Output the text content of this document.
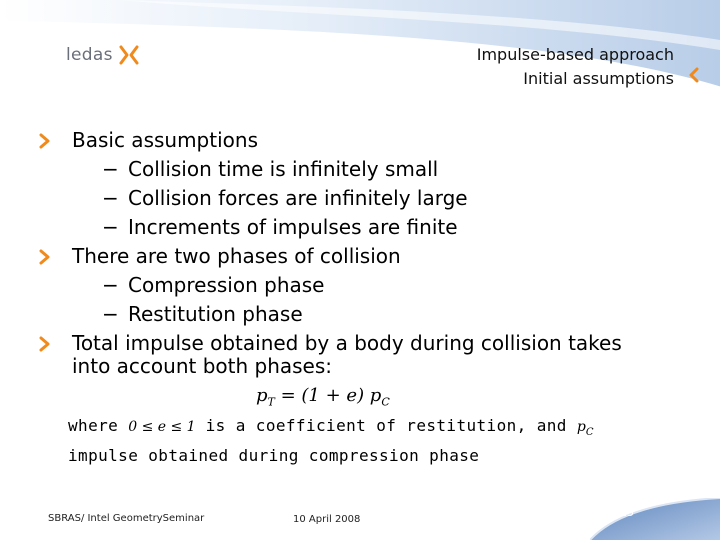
ledas	Impulse-based approach
Initial assumptions
Basic assumptions
− Collision time is infinitely small
− Collision forces are infinitely large
− Increments of impulses are finite
There are two phases of collision
− Compression phase
− Restitution phase
Total impulse obtained by a body during collision takes
into account both phases:
$p_T = (1 + e)$ $p_C$
where 0 ≤ e ≤ 1 is a coefficient of restitution, and $p_C$
impulse obtained during compression phase
SBRAS/ Intel GeometrySeminar	10 April 2008
15
